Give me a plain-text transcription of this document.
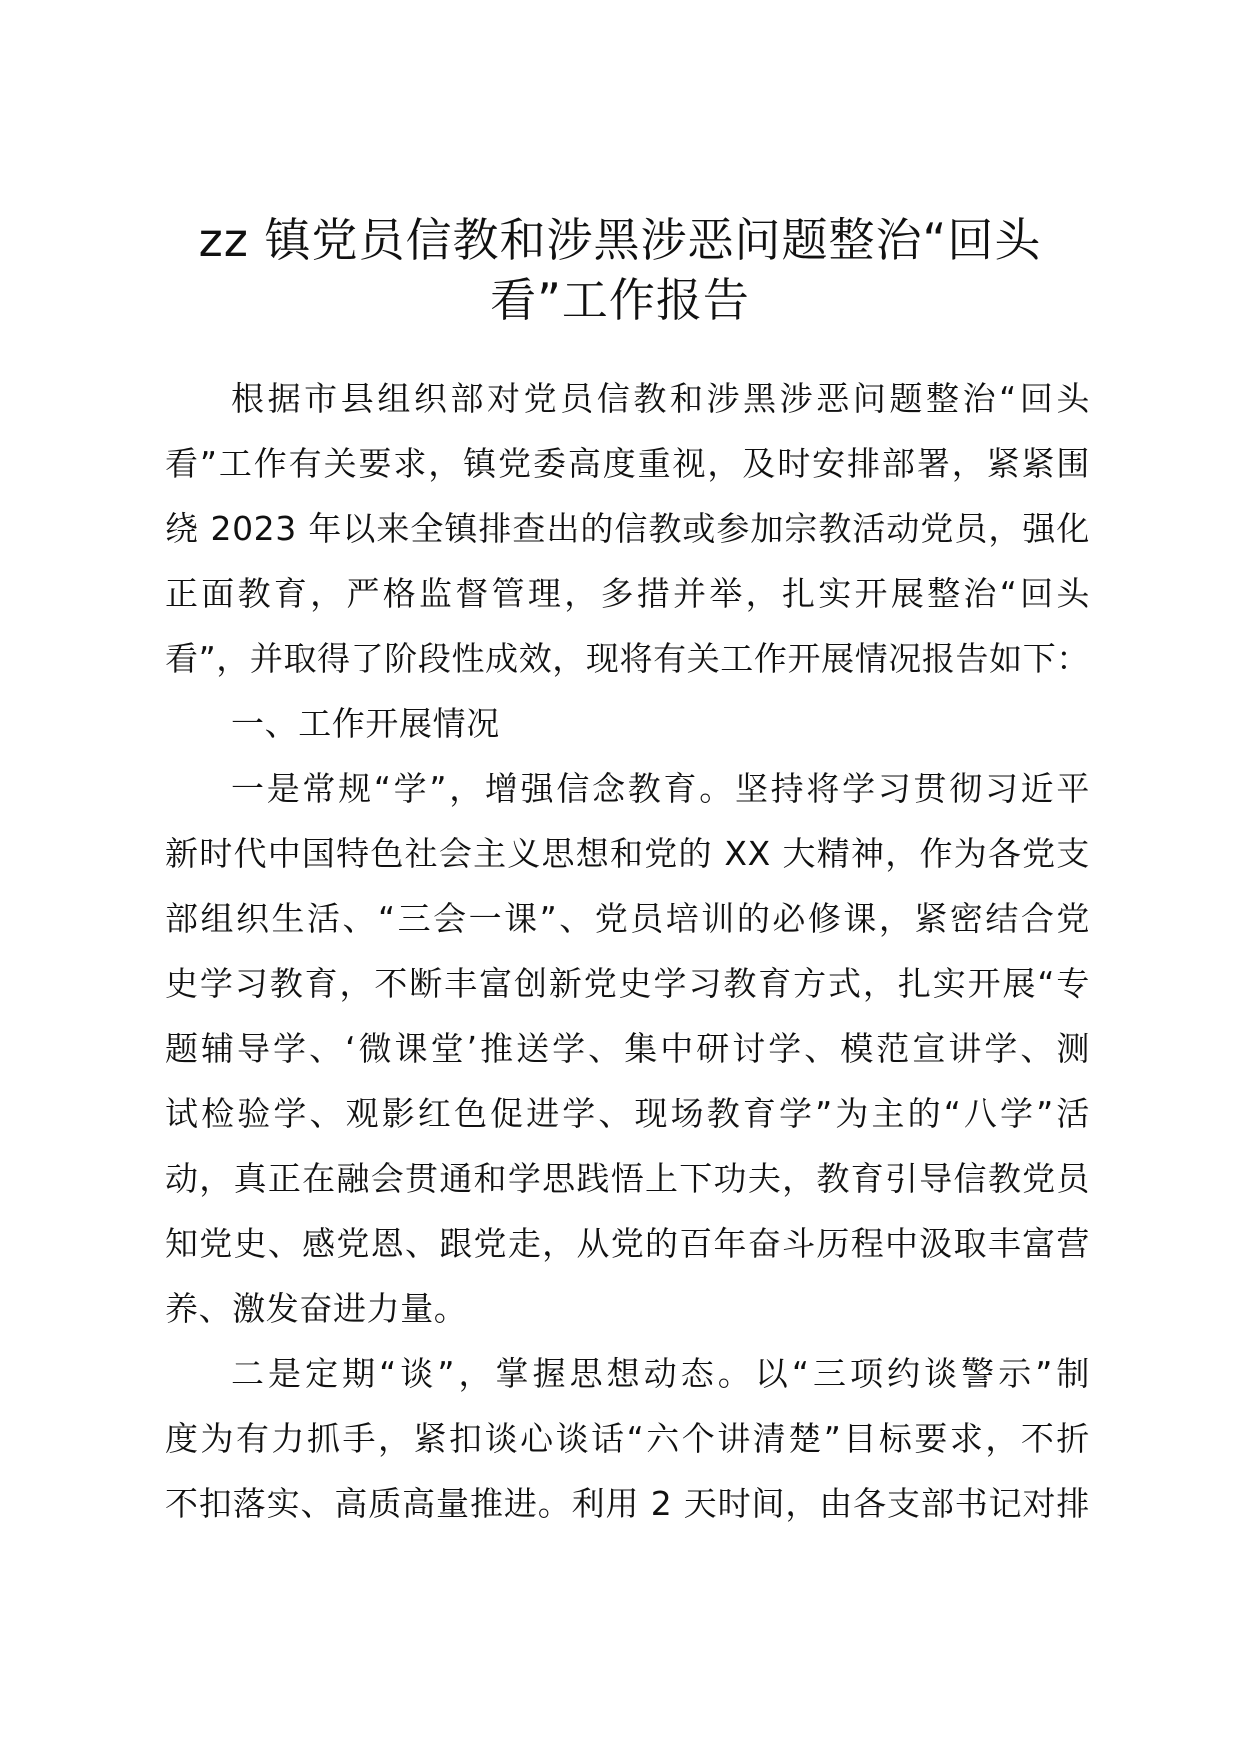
zz 镇党员信教和涉黑涉恶问题整治“回头
看”工作报告
根据市县组织部对党员信教和涉黑涉恶问题整治“回头
看”工作有关要求，镇党委高度重视，及时安排部署，紧紧围
绕 2023 年以来全镇排查出的信教或参加宗教活动党员，强化
正面教育，严格监督管理，多措并举，扎实开展整治“回头
看”，并取得了阶段性成效，现将有关工作开展情况报告如下：
一、工作开展情况
一是常规“学”，增强信念教育。坚持将学习贯彻习近平
新时代中国特色社会主义思想和党的 XX 大精神，作为各党支
部组织生活、“三会一课”、党员培训的必修课，紧密结合党
史学习教育，不断丰富创新党史学习教育方式，扎实开展“专
题辅导学、‘微课堂’推送学、集中研讨学、模范宣讲学、测
试检验学、观影红色促进学、现场教育学”为主的“八学”活
动，真正在融会贯通和学思践悟上下功夫，教育引导信教党员
知党史、感党恩、跟党走，从党的百年奋斗历程中汲取丰富营
养、激发奋进力量。
二是定期“谈”，掌握思想动态。以“三项约谈警示”制
度为有力抓手，紧扣谈心谈话“六个讲清楚”目标要求，不折
不扣落实、高质高量推进。利用 2 天时间，由各支部书记对排
